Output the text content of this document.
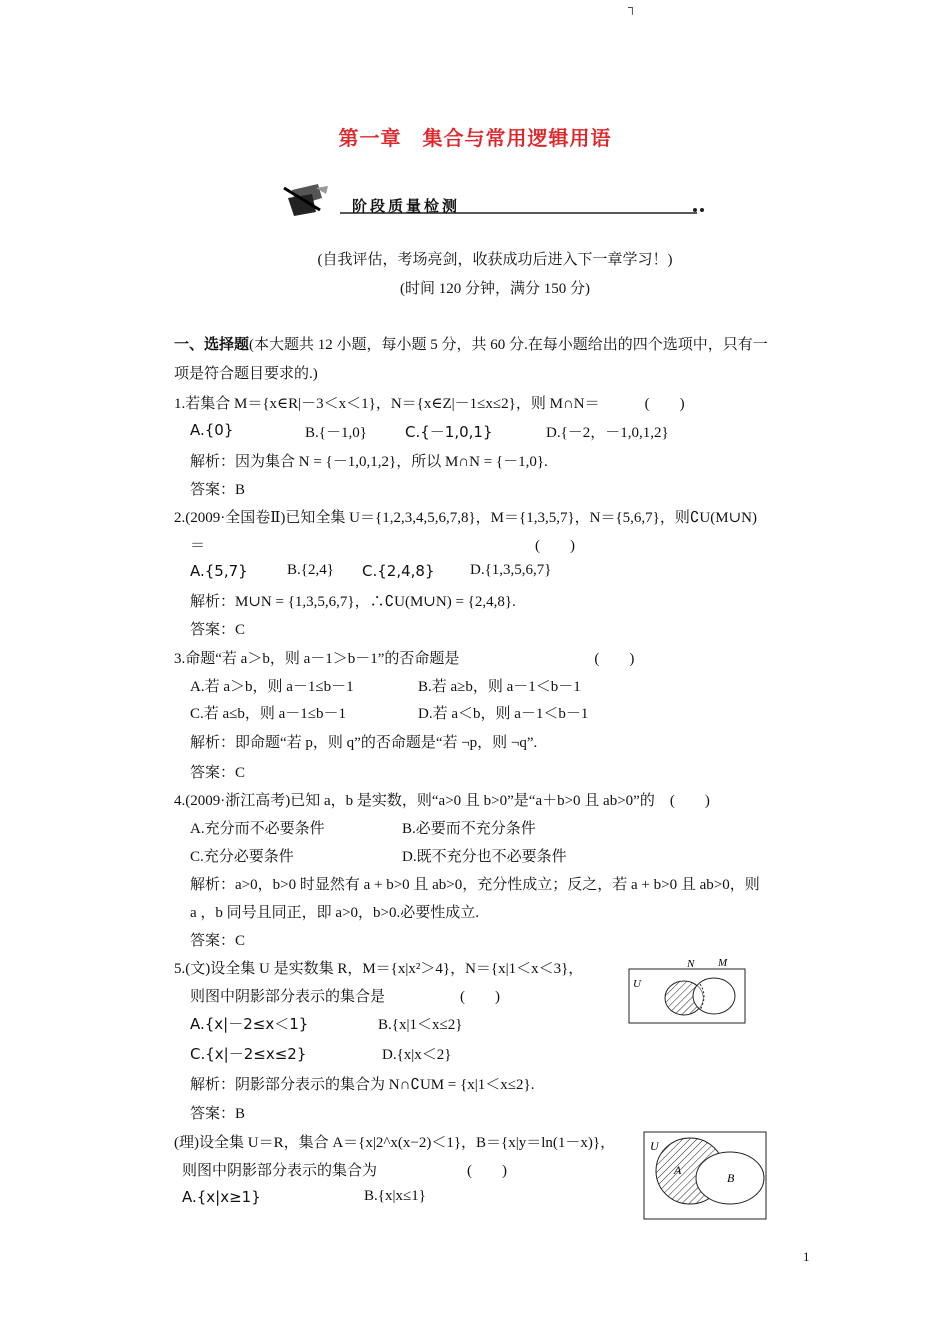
┐
第一章　集合与常用逻辑用语
阶段质量检测
(自我评估，考场亮剑，收获成功后进入下一章学习！)
(时间 120 分钟，满分 150 分)
一、选择题(本大题共 12 小题，每小题 5 分，共 60 分.在每小题给出的四个选项中，只有一
项是符合题目要求的.)
1.若集合 M＝{x∈R|－3＜x＜1}，N＝{x∈Z|－1≤x≤2}，则 M∩N＝　　　(　　)
A.{0}	B.{－1,0}	C.{－1,0,1}	D.{－2，－1,0,1,2}
解析：因为集合 N = {－1,0,1,2}，所以 M∩N = {－1,0}.
答案：B
2.(2009·全国卷Ⅱ)已知全集 U＝{1,2,3,4,5,6,7,8}，M＝{1,3,5,7}，N＝{5,6,7}，则∁U(M∪N)
＝　　　　　　　　　　　　　　　　　　　　　　(　　)
A.{5,7}	B.{2,4} C.{2,4,8} D.{1,3,5,6,7}
解析：M∪N = {1,3,5,6,7}，∴∁U(M∪N) = {2,4,8}.
答案：C
3.命题“若 a＞b，则 a－1＞b－1”的否命题是　　　　　　　　　(　　)
A.若 a＞b，则 a－1≤b－1	B.若 a≥b，则 a－1＜b－1
C.若 a≤b，则 a－1≤b－1	D.若 a＜b，则 a－1＜b－1
解析：即命题“若 p，则 q”的否命题是“若 ¬p，则 ¬q”.
答案：C
4.(2009·浙江高考)已知 a，b 是实数，则“a>0 且 b>0”是“a＋b>0 且 ab>0”的　(　　)
A.充分而不必要条件	B.必要而不充分条件
C.充分必要条件	D.既不充分也不必要条件
解析：a>0，b>0 时显然有 a + b>0 且 ab>0，充分性成立；反之，若 a + b>0 且 ab>0，则
a ，b 同号且同正，即 a>0，b>0.必要性成立.
答案：C
5.(文)设全集 U 是实数集 R，M＝{x|x²＞4}，N＝{x|1＜x＜3}，
则图中阴影部分表示的集合是　　　　　(　　)
A.{x|－2≤x＜1}	B.{x|1＜x≤2}
C.{x|－2≤x≤2}	D.{x|x＜2}
解析：阴影部分表示的集合为 N∩∁UM = {x|1＜x≤2}.
答案：B
U
N M
(理)设全集 U＝R，集合 A＝{x|2^x(x−2)＜1}，B＝{x|y＝ln(1－x)}，
则图中阴影部分表示的集合为　　　　　　(　　)
A.{x|x≥1}	B.{x|x≤1}
U
A
B
1
